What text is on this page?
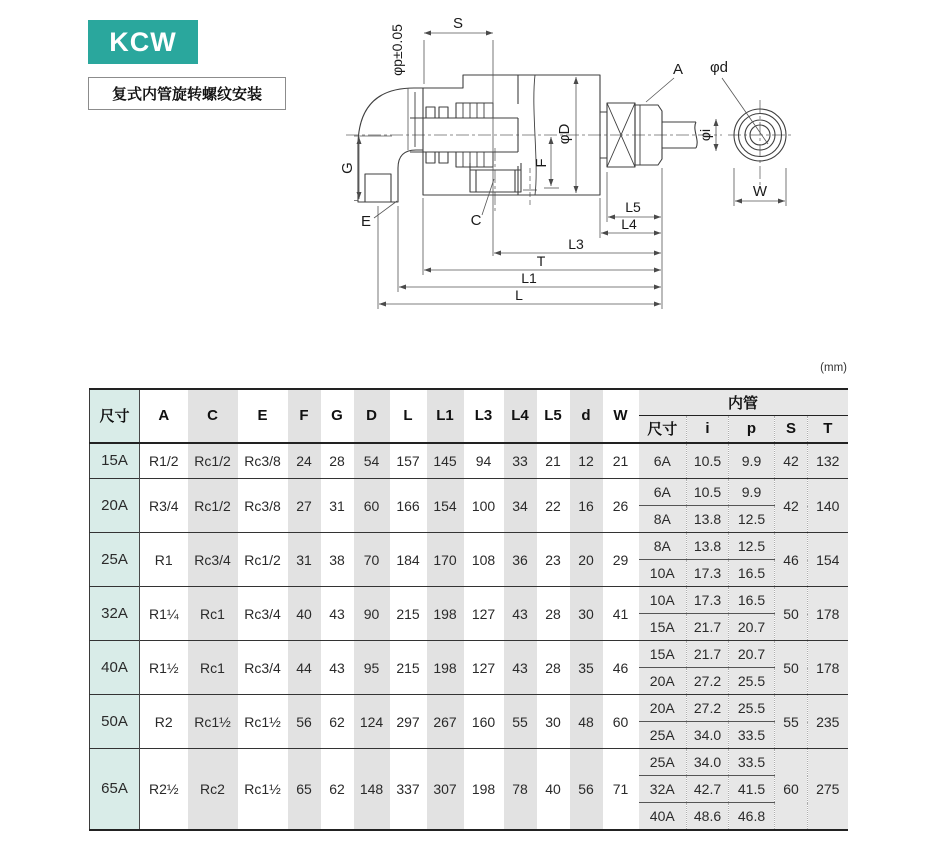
KCW
复式内管旋转螺纹安装
S
φp±0.05
G
E	C
φD
F
A φd
φi
W
L5
L4
L3
T
L1
L
(mm)
尺寸	A	C	E	F	G	D	L	L1	L3	L4	L5	d	W	内管				
														尺寸	i	p	S	T
15A	R1/2	Rc1/2	Rc3/8	24	28	54	157	145	94	33	21	12	21	6A	10.5	9.9	42	132
20A	R3/4	Rc1/2	Rc3/8	27	31	60	166	154	100	34	22	16	26	6A	10.5	9.9	42	140
														8A	13.8	12.5		
25A	R1	Rc3/4	Rc1/2	31	38	70	184	170	108	36	23	20	29	8A	13.8	12.5	46	154
														10A	17.3	16.5		
32A	R1¼	Rc1	Rc3/4	40	43	90	215	198	127	43	28	30	41	10A	17.3	16.5	50	178
														15A	21.7	20.7		
40A	R1½	Rc1	Rc3/4	44	43	95	215	198	127	43	28	35	46	15A	21.7	20.7	50	178
														20A	27.2	25.5		
50A	R2	Rc1½	Rc1½	56	62	124	297	267	160	55	30	48	60	20A	27.2	25.5	55	235
														25A	34.0	33.5		
65A	R2½	Rc2	Rc1½	65	62	148	337	307	198	78	40	56	71	25A	34.0	33.5	60	275
														32A	42.7	41.5		
														40A	48.6	46.8		
